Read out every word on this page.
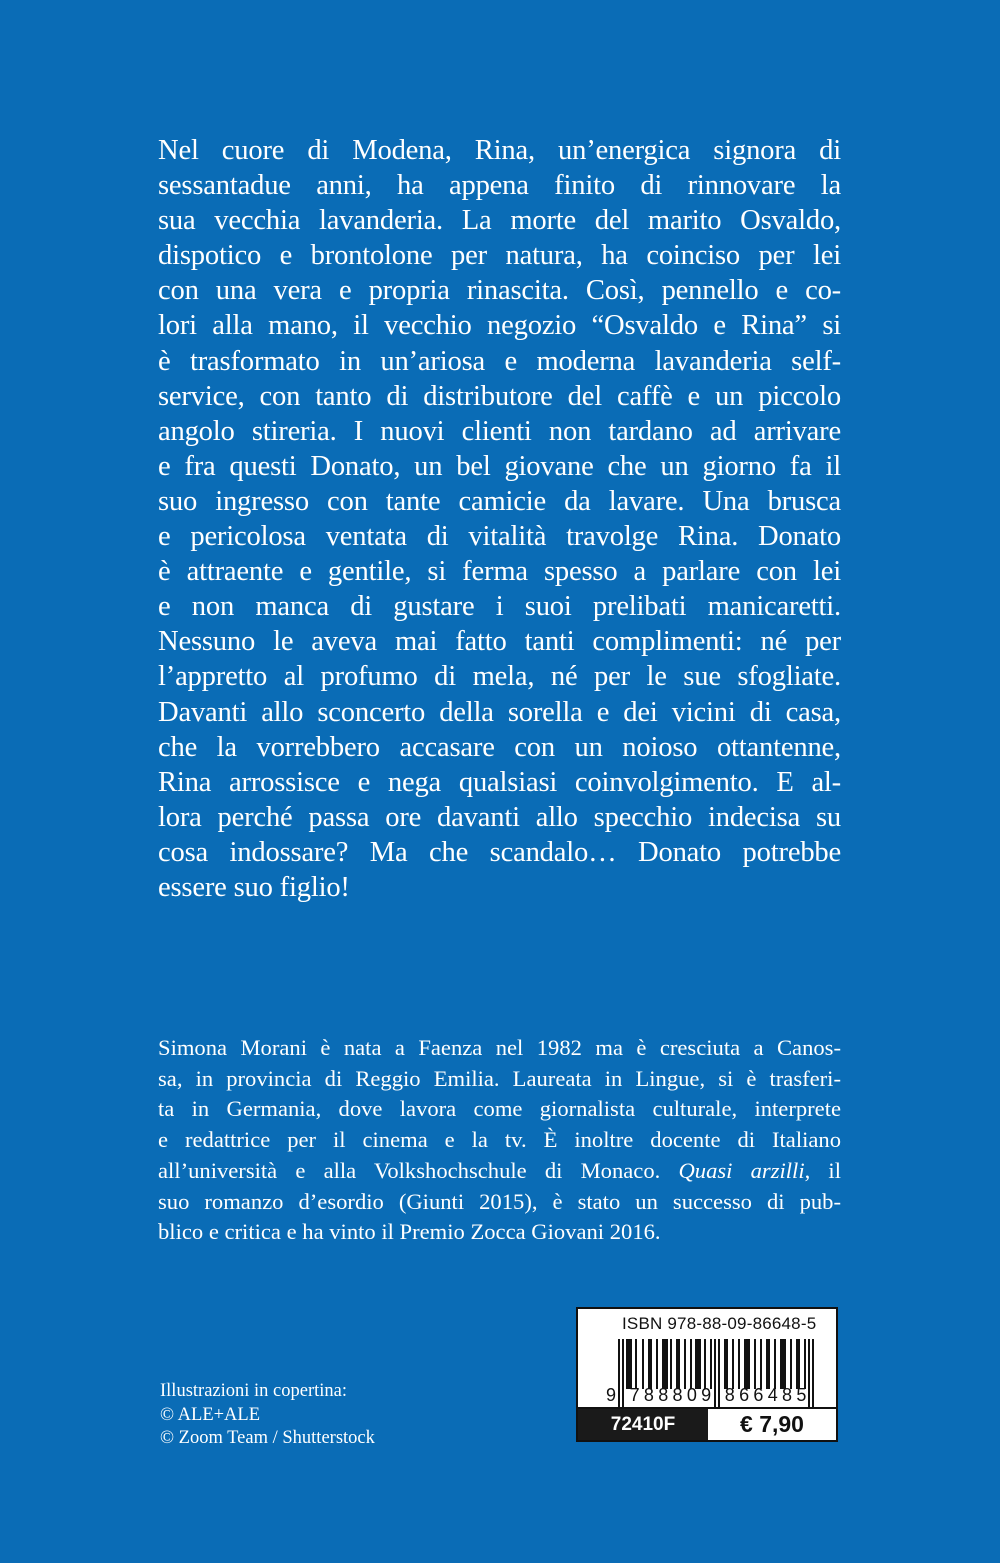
Nel cuore di Modena, Rina, un’energica signora di
sessantadue anni, ha appena finito di rinnovare la
sua vecchia lavanderia. La morte del marito Osvaldo,
dispotico e brontolone per natura, ha coinciso per lei
con una vera e propria rinascita. Così, pennello e co-
lori alla mano, il vecchio negozio “Osvaldo e Rina” si
è trasformato in un’ariosa e moderna lavanderia self-
service, con tanto di distributore del caffè e un piccolo
angolo stireria. I nuovi clienti non tardano ad arrivare
e fra questi Donato, un bel giovane che un giorno fa il
suo ingresso con tante camicie da lavare. Una brusca
e pericolosa ventata di vitalità travolge Rina. Donato
è attraente e gentile, si ferma spesso a parlare con lei
e non manca di gustare i suoi prelibati manicaretti.
Nessuno le aveva mai fatto tanti complimenti: né per
l’appretto al profumo di mela, né per le sue sfogliate.
Davanti allo sconcerto della sorella e dei vicini di casa,
che la vorrebbero accasare con un noioso ottantenne,
Rina arrossisce e nega qualsiasi coinvolgimento. E al-
lora perché passa ore davanti allo specchio indecisa su
cosa indossare? Ma che scandalo… Donato potrebbe
essere suo figlio!
Simona Morani è nata a Faenza nel 1982 ma è cresciuta a Canos-
sa, in provincia di Reggio Emilia. Laureata in Lingue, si è trasferi-
ta in Germania, dove lavora come giornalista culturale, interprete
e redattrice per il cinema e la tv. È inoltre docente di Italiano
all’università e alla Volkshochschule di Monaco. Quasi arzilli, il
suo romanzo d’esordio (Giunti 2015), è stato un successo di pub-
blico e critica e ha vinto il Premio Zocca Giovani 2016.
Illustrazioni in copertina:
© ALE+ALE
© Zoom Team / Shutterstock
ISBN 978-88-09-86648-5
9 788809 866485
72410F	€ 7,90
